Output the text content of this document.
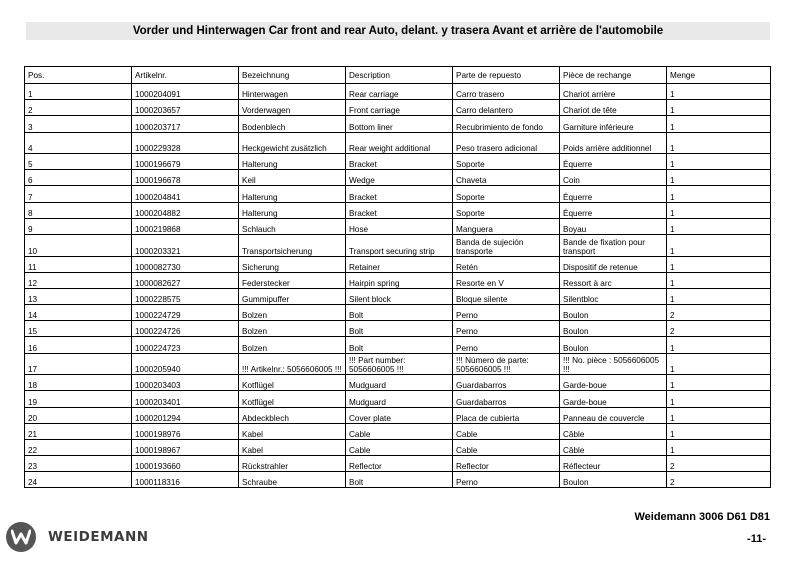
Vorder und Hinterwagen Car front and rear Auto, delant. y trasera Avant et arrière de l'automobile
Pos.	Artikelnr.	Bezeichnung	Description	Parte de repuesto	Pièce de rechange	Menge
1	1000204091	Hinterwagen	Rear carriage	Carro trasero	Chariot arrière	1
2	1000203657	Vorderwagen	Front carriage	Carro delantero	Chariot de tête	1
3	1000203717	Bodenblech	Bottom liner	Recubrimiento de fondo	Garniture inférieure	1
4	1000229328	Heckgewicht zusätzlich	Rear weight additional	Peso trasero adicional	Poids arrière additionnel	1
5	1000196679	Halterung	Bracket	Soporte	Équerre	1
6	1000196678	Keil	Wedge	Chaveta	Coin	1
7	1000204841	Halterung	Bracket	Soporte	Équerre	1
8	1000204882	Halterung	Bracket	Soporte	Équerre	1
9	1000219868	Schlauch	Hose	Manguera	Boyau	1
10	1000203321	Transportsicherung	Transport securing strip	Banda de sujeción transporte	Bande de fixation pour transport	1
11	1000082730	Sicherung	Retainer	Retén	Dispositif de retenue	1
12	1000082627	Federstecker	Hairpin spring	Resorte en V	Ressort à arc	1
13	1000228575	Gummipuffer	Silent block	Bloque silente	Silentbloc	1
14	1000224729	Bolzen	Bolt	Perno	Boulon	2
15	1000224726	Bolzen	Bolt	Perno	Boulon	2
16	1000224723	Bolzen	Bolt	Perno	Boulon	1
17	1000205940	!!! Artikelnr.: 5056606005 !!!	!!! Part number: 5056606005 !!!	!!! Número de parte: 5056606005 !!!	!!! No. pièce : 5056606005 !!!	1
18	1000203403	Kotflügel	Mudguard	Guardabarros	Garde-boue	1
19	1000203401	Kotflügel	Mudguard	Guardabarros	Garde-boue	1
20	1000201294	Abdeckblech	Cover plate	Placa de cubierta	Panneau de couvercle	1
21	1000198976	Kabel	Cable	Cable	Câble	1
22	1000198967	Kabel	Cable	Cable	Câble	1
23	1000193660	Rückstrahler	Reflector	Reflector	Réflecteur	2
24	1000118316	Schraube	Bolt	Perno	Boulon	2
WEIDEMANN
Weidemann 3006 D61 D81
-11-
